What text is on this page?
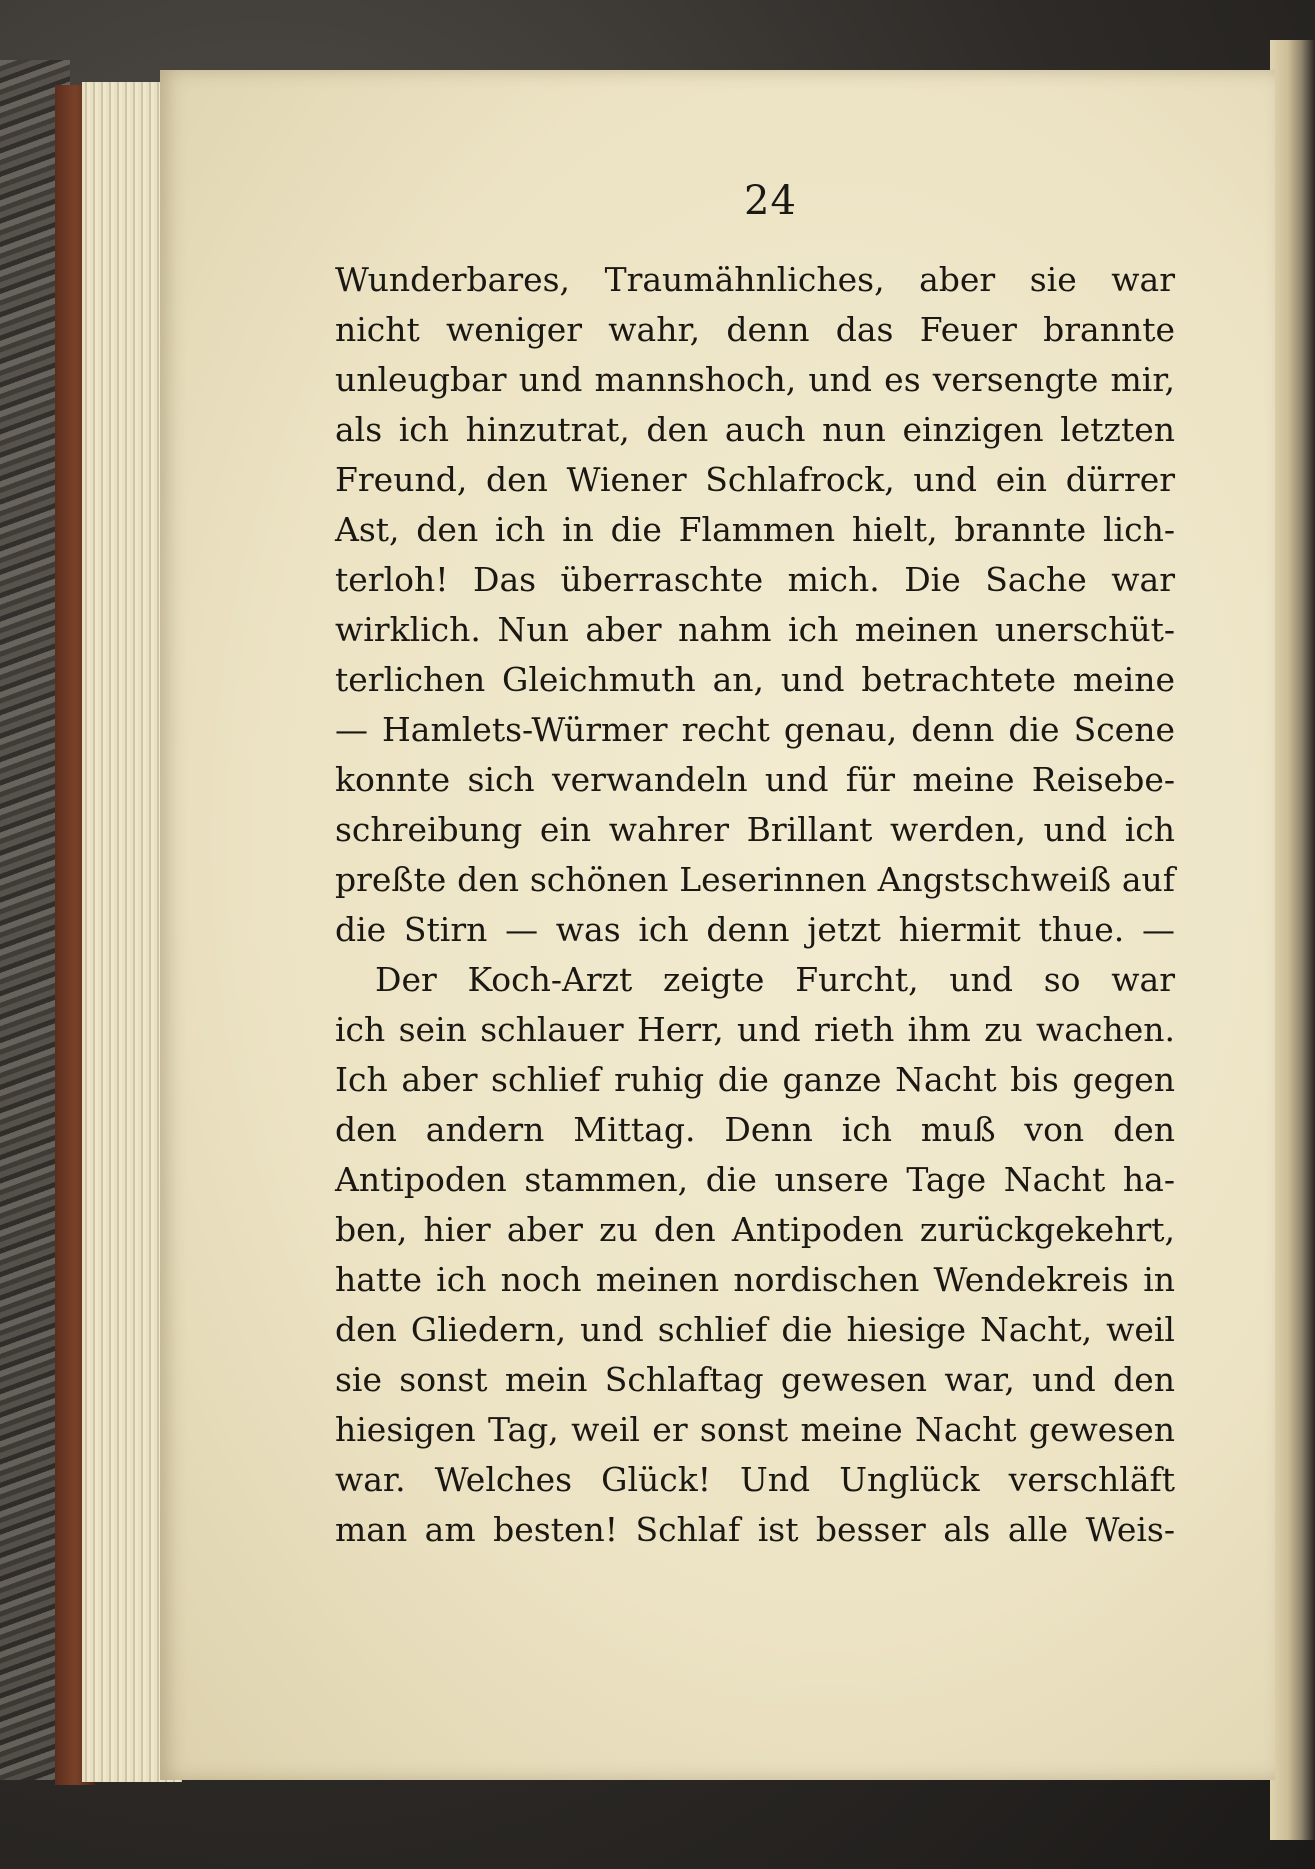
24
Wunderbares, Traumähnliches, aber sie war
nicht weniger wahr, denn das Feuer brannte
unleugbar und mannshoch, und es versengte mir,
als ich hinzutrat, den auch nun einzigen letzten
Freund, den Wiener Schlafrock, und ein dürrer
Ast, den ich in die Flammen hielt, brannte lich-
terloh! Das überraschte mich. Die Sache war
wirklich. Nun aber nahm ich meinen unerschüt-
terlichen Gleichmuth an, und betrachtete meine
— Hamlets-Würmer recht genau, denn die Scene
konnte sich verwandeln und für meine Reisebe-
schreibung ein wahrer Brillant werden, und ich
preßte den schönen Leserinnen Angstschweiß auf
die Stirn — was ich denn jetzt hiermit thue. —
Der Koch-Arzt zeigte Furcht, und so war
ich sein schlauer Herr, und rieth ihm zu wachen.
Ich aber schlief ruhig die ganze Nacht bis gegen
den andern Mittag. Denn ich muß von den
Antipoden stammen, die unsere Tage Nacht ha-
ben, hier aber zu den Antipoden zurückgekehrt,
hatte ich noch meinen nordischen Wendekreis in
den Gliedern, und schlief die hiesige Nacht, weil
sie sonst mein Schlaftag gewesen war, und den
hiesigen Tag, weil er sonst meine Nacht gewesen
war. Welches Glück! Und Unglück verschläft
man am besten! Schlaf ist besser als alle Weis-
